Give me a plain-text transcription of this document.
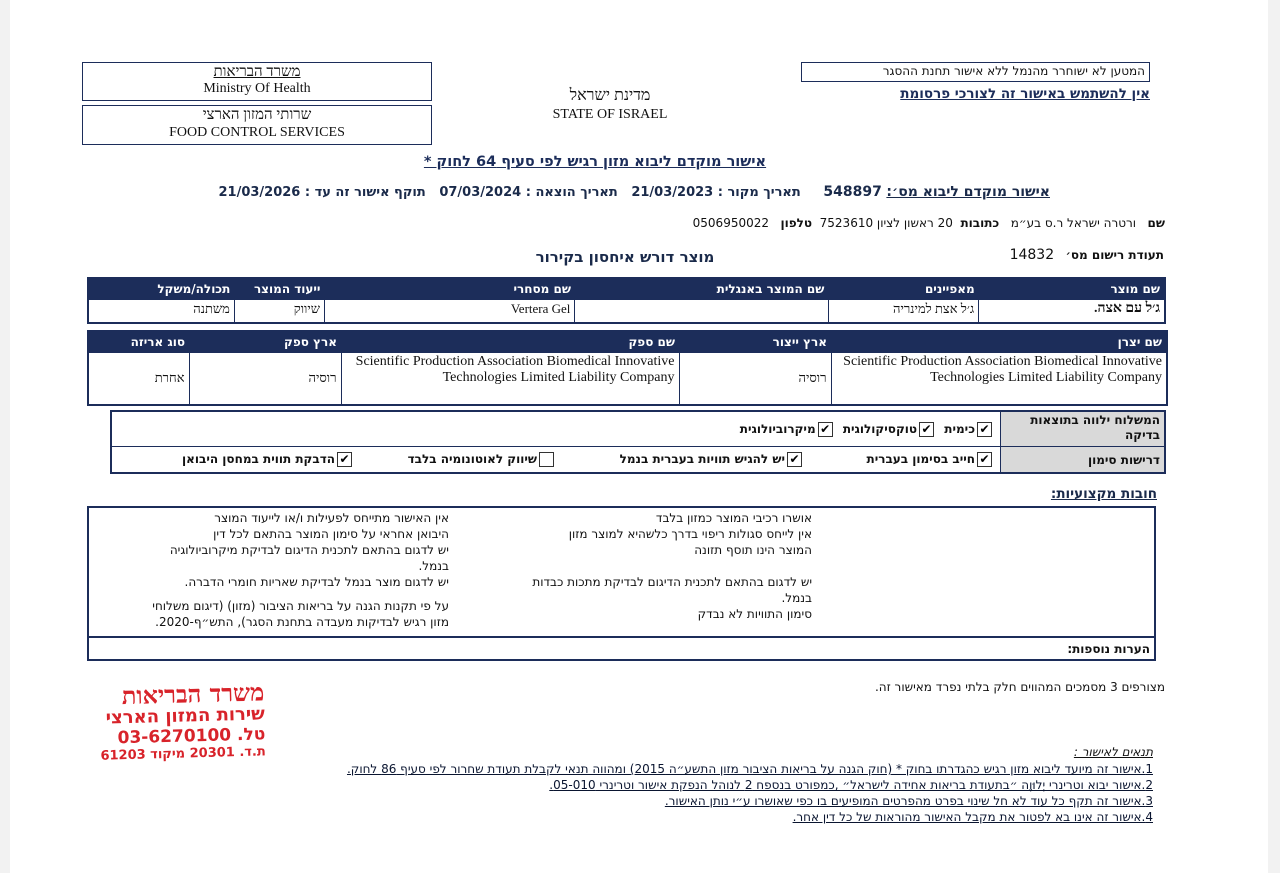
משרד הבריאות
Ministry Of Health
שרותי המזון הארצי
FOOD CONTROL SERVICES
מדינת ישראל
STATE OF ISRAEL
המטען לא ישוחרר מהנמל ללא אישור תחנת ההסגר
אין להשתמש באישור זה לצורכי פרסומת
אישור מוקדם ליבוא מזון רגיש לפי סעיף 64 לחוק *
אישור מוקדם ליבוא מס׳: 548897     תאריך מקור : 21/03/2023   תאריך הוצאה : 07/03/2024   תוקף אישור זה עד : 21/03/2026
שם   ורטרה ישראל ר.ס בע״מ   כתובות  20 ראשון לציון 7523610  טלפון   0506950022
תעודת רישום מס׳   14832
מוצר דורש איחסון בקירור
שם מוצר	מאפיינים	שם המוצר באנגלית	שם מסחרי	ייעוד המוצר	תכולה/משקל
ג׳ל עם אצה.	ג׳ל אצת למינריה		Vertera Gel	שיווק	משתנה
שם יצרן	ארץ ייצור	שם ספק	ארץ ספק	סוג אריזה
Scientific Production Association Biomedical Innovative Technologies Limited Liability Company	רוסיה	Scientific Production Association Biomedical Innovative Technologies Limited Liability Company	רוסיה	אחרת
המשלוח ילווה בתוצאות בדיקה
דרישות סימון
✔כימית ✔טוקסיקולוגית ✔מיקרוביולוגית
✔חייב בסימון בעברית
✔יש להגיש תוויות בעברית בנמל
שיווק לאוטונומיה בלבד
✔הדבקת תווית במחסן היבואן
חובות מקצועיות:
הערות נוספות:
אושרו רכיבי המוצר כמזון בלבד
אין לייחס סגולות ריפוי בדרך כלשהיא למוצר מזון
המוצר הינו תוסף תזונה
יש לדגום בהתאם לתכנית הדיגום לבדיקת מתכות כבדות
בנמל.
סימון התוויות לא נבדק
אין האישור מתייחס לפעילות ו/או לייעוד המוצר
היבואן אחראי על סימון המוצר בהתאם לכל דין
יש לדגום בהתאם לתכנית הדיגום לבדיקת מיקרוביולוגיה
בנמל.
יש לדגום מוצר בנמל לבדיקת שאריות חומרי הדברה.
על פי תקנות הגנה על בריאות הציבור (מזון) (דיגום משלוחי
מזון רגיש לבדיקות מעבדה בתחנת הסגר), התש״ף-2020.
מצורפים 3 מסמכים המהווים חלק בלתי נפרד מאישור זה.
משרד הבריאות
שירות המזון הארצי
טל. 03-6270100
ת.ד. 20301 מיקוד 61203	תנאים לאישור :
1.אישור זה מיועד ליבוא מזון רגיש כהגדרתו בחוק * (חוק הגנה על בריאות הציבור מזון התשע״ה 2015) ומהווה תנאי לקבלת תעודת שחרור לפי סעיף 86 לחוק.
2.אישור יבוא וטרינרי יְלוּוֶה ״בתעודת בריאות אחידה לישראל״ ,כמפורט בנספח 2 לנוהל הנפקת אישור וטרינרי 05-010.
3.אישור זה תקף כל עוד לא חל שינוי בפרט מהפרטים המופיעים בו כפי שאושרו ע״י נותן האישור.
4.אישור זה אינו בא לפטור את מקבל האישור מהוראות של כל דין אחר.
